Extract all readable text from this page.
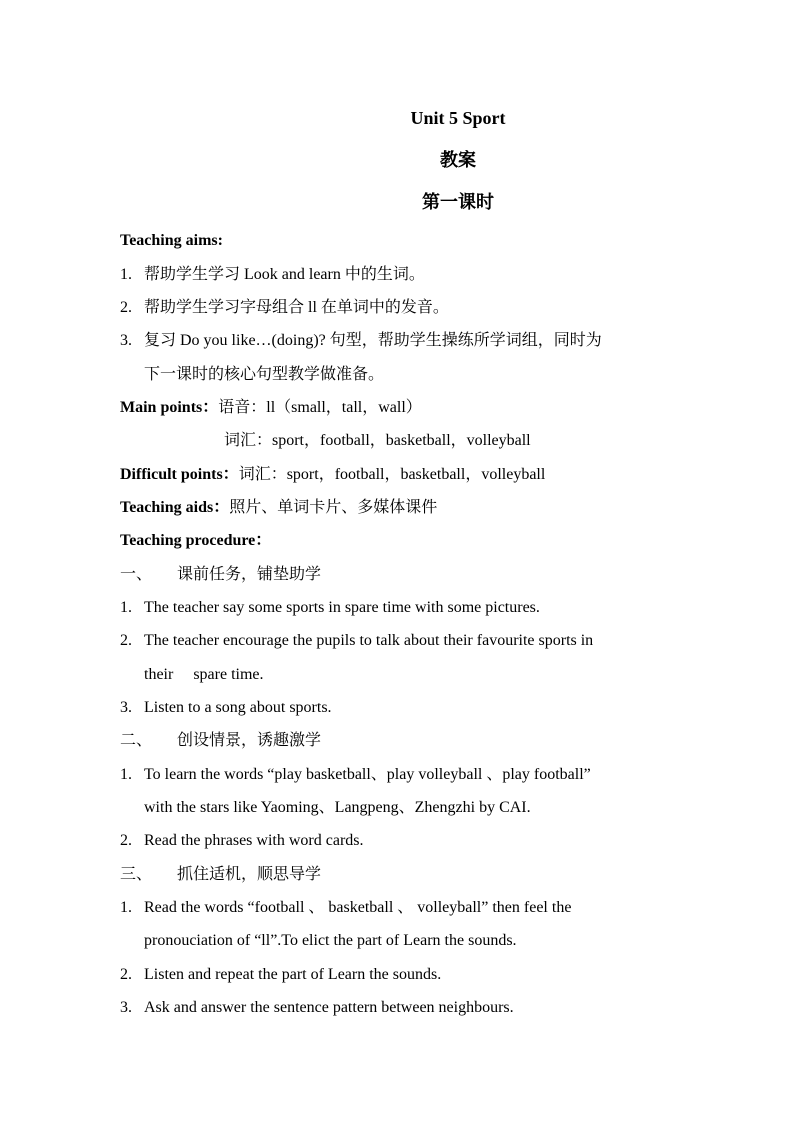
Unit 5 Sport
教案
第一课时
Teaching aims:
1. 帮助学生学习 Look and learn 中的生词。
2. 帮助学生学习字母组合 ll 在单词中的发音。
3. 复习 Do you like…(doing)? 句型，帮助学生操练所学词组，同时为
下一课时的核心句型教学做准备。
Main points：语音：ll（small，tall，wall）
词汇：sport，football，basketball，volleyball
Difficult points：词汇：sport，football，basketball，volleyball
Teaching aids：照片、单词卡片、多媒体课件
Teaching procedure：
一、 课前任务，铺垫助学
1. The teacher say some sports in spare time with some pictures.
2. The teacher encourage the pupils to talk about their favourite sports in
their     spare time.
3. Listen to a song about sports.
二、 创设情景，诱趣激学
1. To learn the words “play basketball、play volleyball 、play football”
with the stars like Yaoming、Langpeng、Zhengzhi by CAI.
2. Read the phrases with word cards.
三、 抓住适机，顺思导学
1. Read the words “football 、 basketball 、 volleyball” then feel the
pronouciation of “ll”.To elict the part of Learn the sounds.
2. Listen and repeat the part of Learn the sounds.
3. Ask and answer the sentence pattern between neighbours.
